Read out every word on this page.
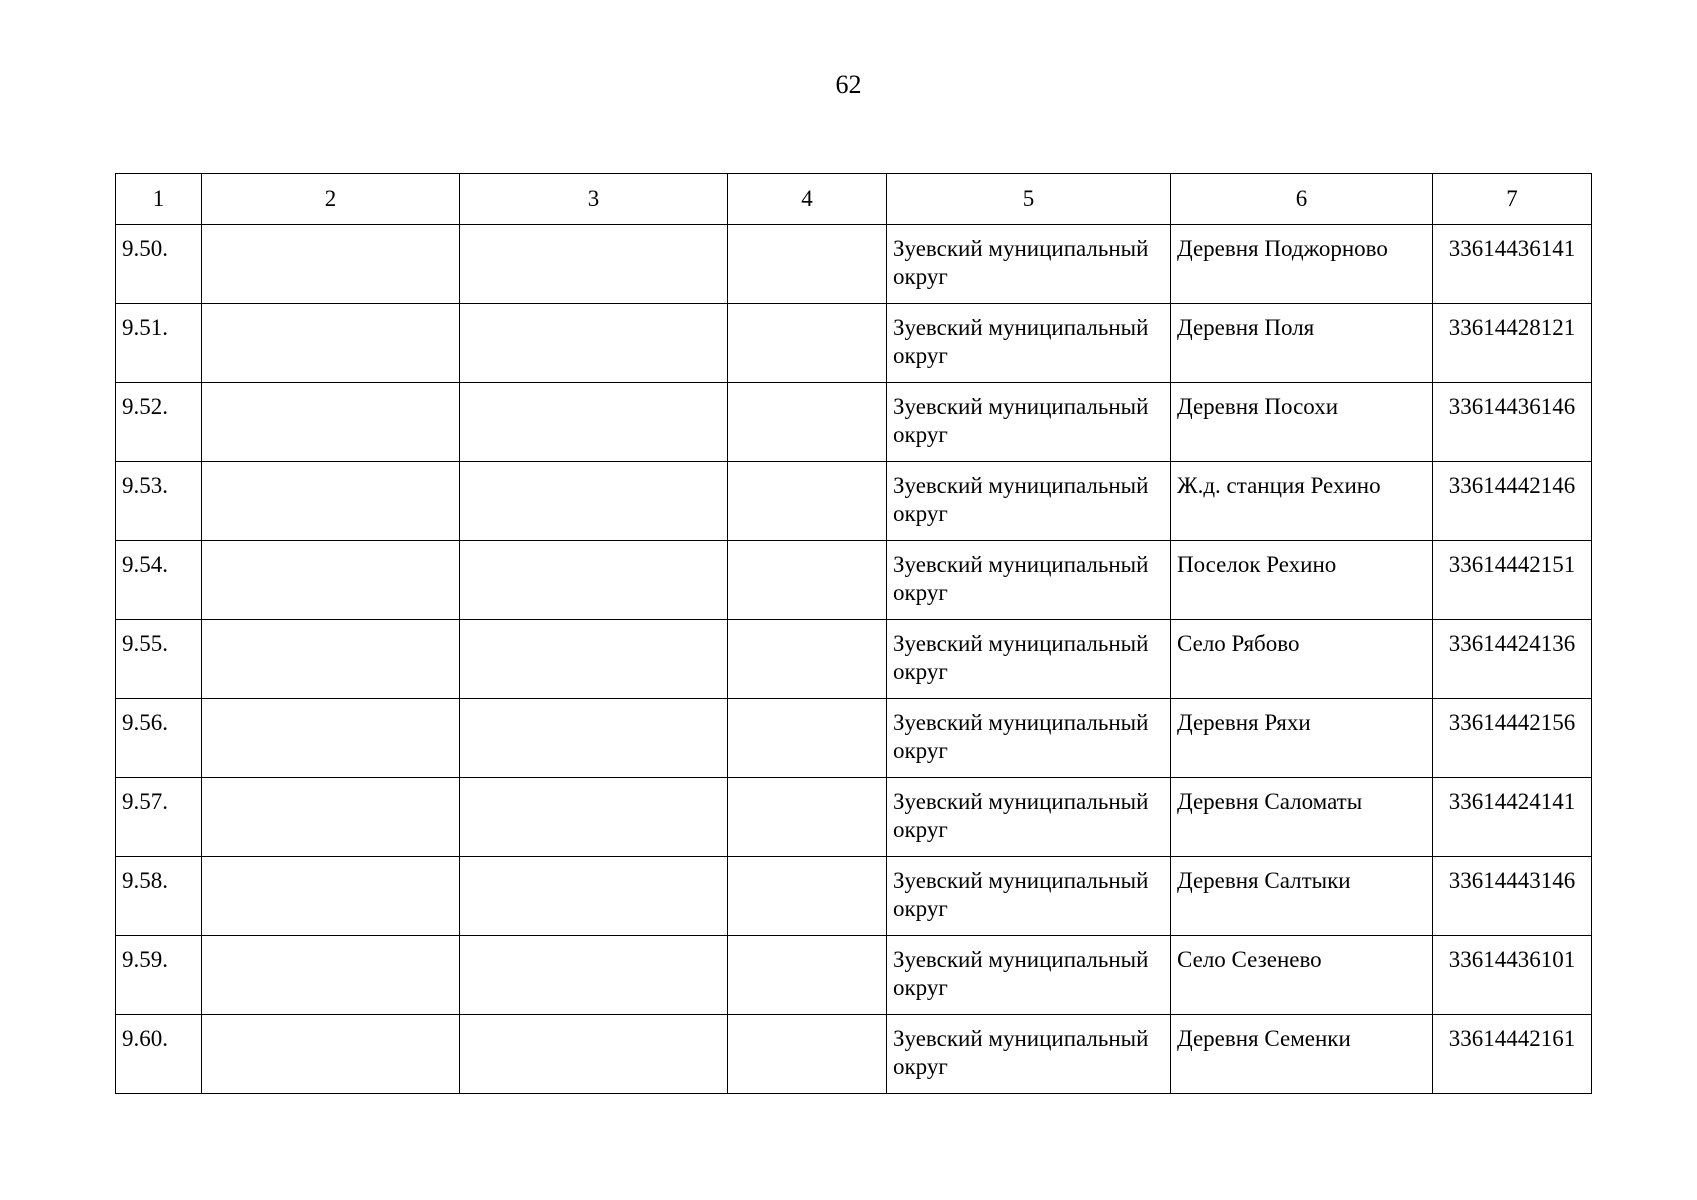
62
1	2	3	4	5	6	7
9.50.				Зуевский муниципальный округ	Деревня Поджорново	33614436141
9.51.				Зуевский муниципальный округ	Деревня Поля	33614428121
9.52.				Зуевский муниципальный округ	Деревня Посохи	33614436146
9.53.				Зуевский муниципальный округ	Ж.д. станция Рехино	33614442146
9.54.				Зуевский муниципальный округ	Поселок Рехино	33614442151
9.55.				Зуевский муниципальный округ	Село Рябово	33614424136
9.56.				Зуевский муниципальный округ	Деревня Ряхи	33614442156
9.57.				Зуевский муниципальный округ	Деревня Саломаты	33614424141
9.58.				Зуевский муниципальный округ	Деревня Салтыки	33614443146
9.59.				Зуевский муниципальный округ	Село Сезенево	33614436101
9.60.				Зуевский муниципальный округ	Деревня Семенки	33614442161
